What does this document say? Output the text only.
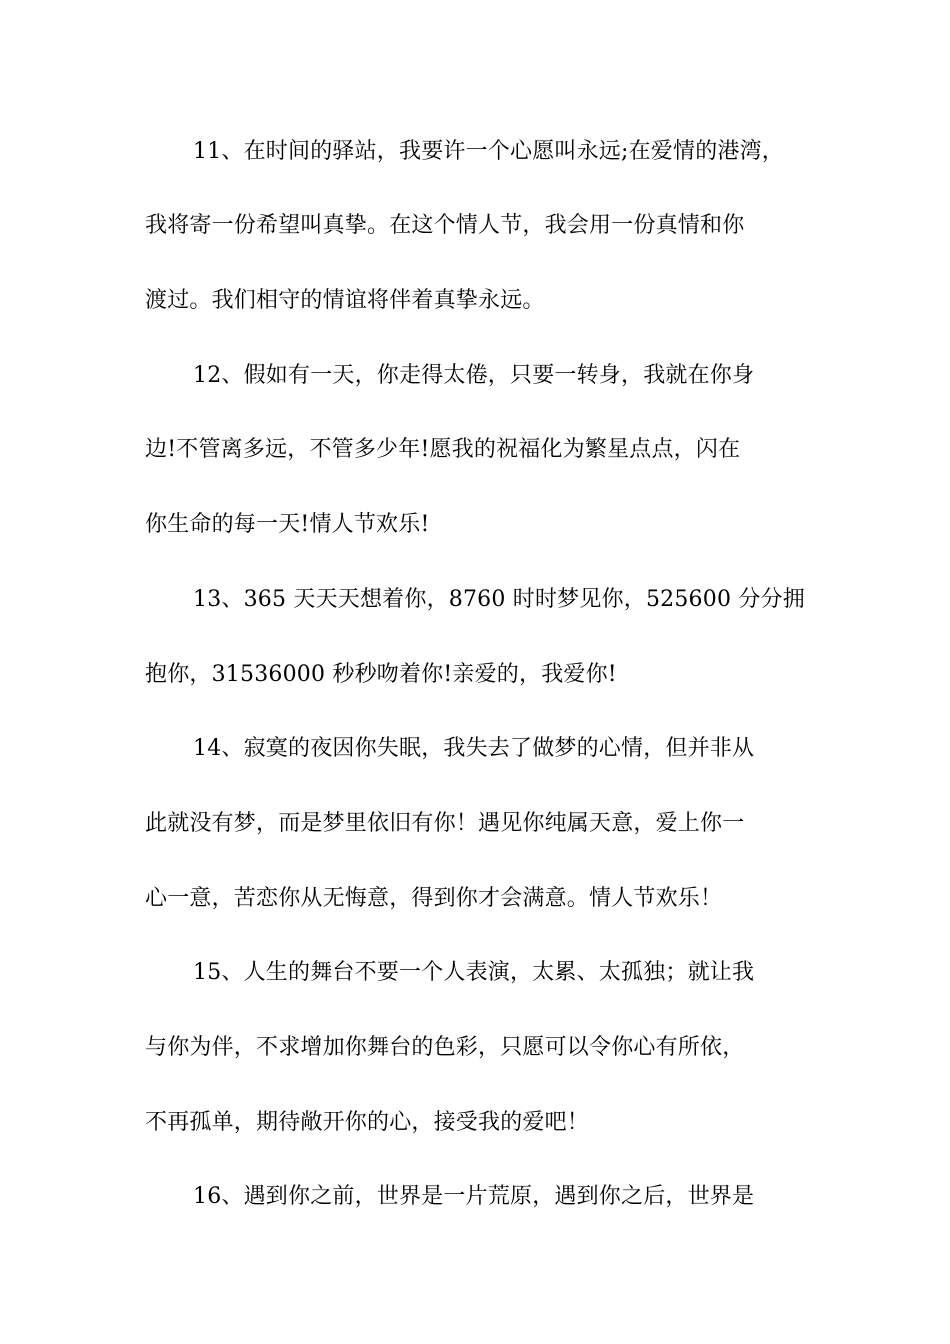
11、在时间的驿站，我要许一个心愿叫永远;在爱情的港湾，
我将寄一份希望叫真挚。在这个情人节，我会用一份真情和你
渡过。我们相守的情谊将伴着真挚永远。
12、假如有一天，你走得太倦，只要一转身，我就在你身
边!不管离多远，不管多少年!愿我的祝福化为繁星点点，闪在
你生命的每一天!情人节欢乐!
13、365 天天天想着你，8760 时时梦见你，525600 分分拥
抱你，31536000 秒秒吻着你!亲爱的，我爱你!
14、寂寞的夜因你失眠，我失去了做梦的心情，但并非从
此就没有梦，而是梦里依旧有你！遇见你纯属天意，爱上你一
心一意，苦恋你从无悔意，得到你才会满意。情人节欢乐！
15、人生的舞台不要一个人表演，太累、太孤独；就让我
与你为伴，不求增加你舞台的色彩，只愿可以令你心有所依，
不再孤单，期待敞开你的心，接受我的爱吧！
16、遇到你之前，世界是一片荒原，遇到你之后，世界是
